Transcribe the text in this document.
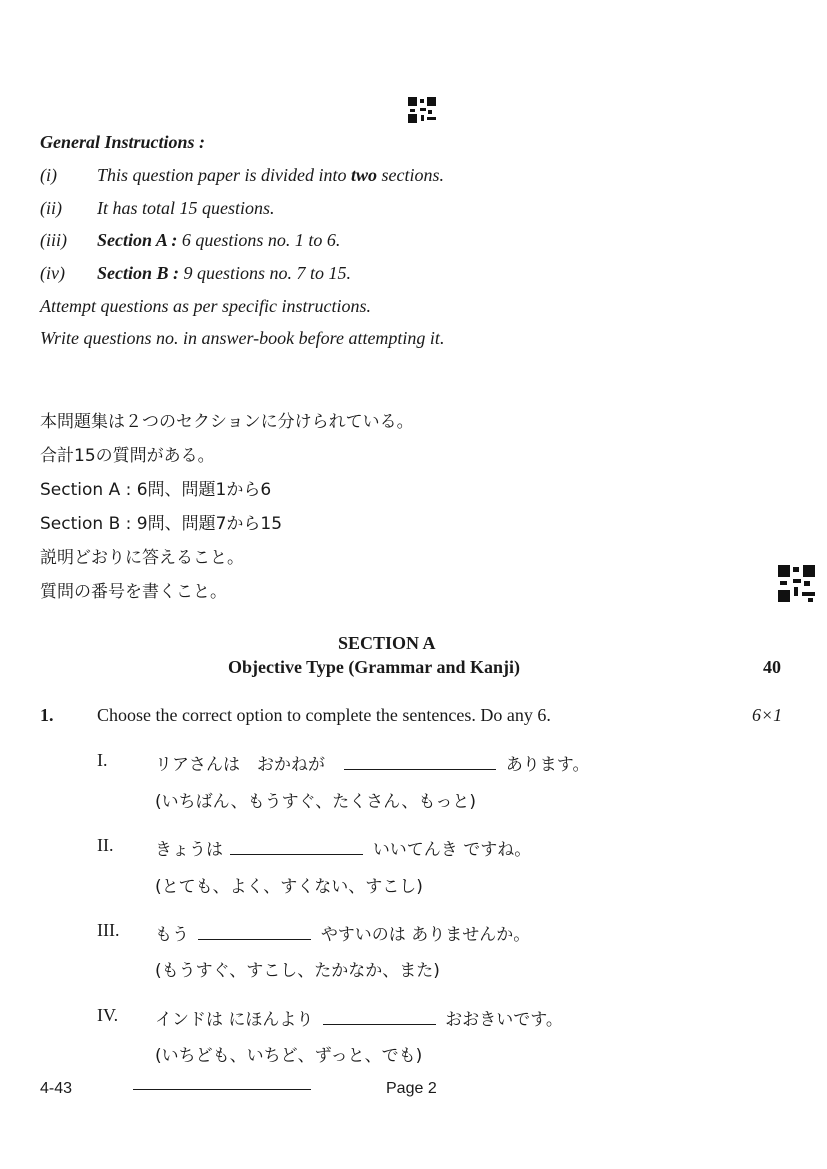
General Instructions :
(i) This question paper is divided into two sections.
(ii) It has total 15 questions.
(iii) Section A : 6 questions no. 1 to 6.
(iv) Section B : 9 questions no. 7 to 15.
Attempt questions as per specific instructions.
Write questions no. in answer-book before attempting it.
本問題集は２つのセクションに分けられている。
合計15の質問がある。
Section A : 6問、問題1から6
Section B : 9問、問題7から15
説明どおりに答えること。
質問の番号を書くこと。
SECTION A
Objective Type (Grammar and Kanji)	40
1. Choose the correct option to complete the sentences. Do any 6.	6×1
I.	リアさんは　おかねが	あります。
(いちばん、もうすぐ、たくさん、もっと)
II. きょうは	いいてんき ですね。
(とても、よく、すくない、すこし)
III. もう	やすいのは ありませんか。
(もうすぐ、すこし、たかなか、また)
IV. インドは にほんより	おおきいです。
(いちども、いちど、ずっと、でも)
4-43	Page 2
